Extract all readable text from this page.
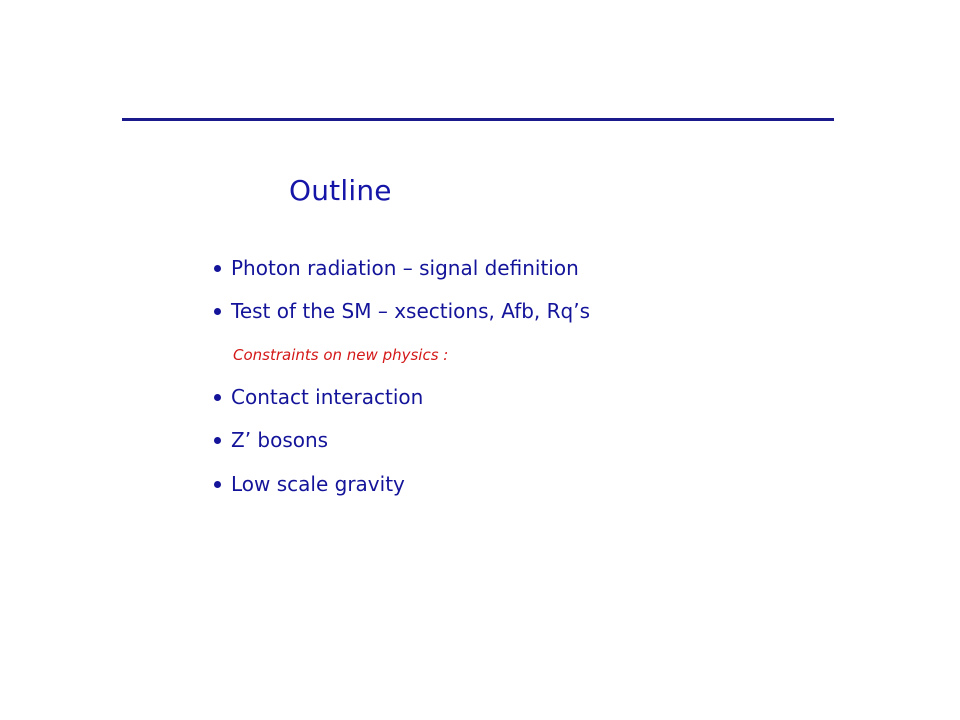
Outline
Photon radiation – signal definition
Test of the SM – xsections, Afb, Rq’s
Contact interaction
Z’ bosons
Low scale gravity
Constraints on new physics :
